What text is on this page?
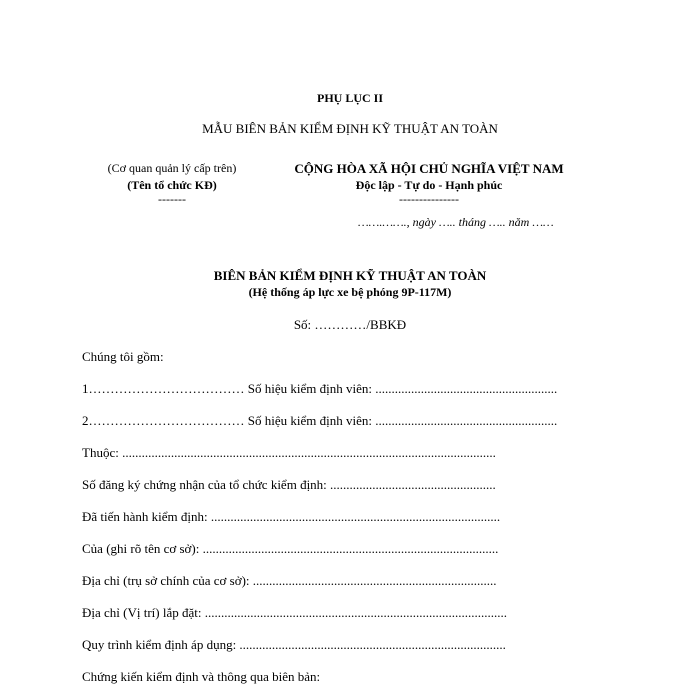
PHỤ LỤC II
MẪU BIÊN BẢN KIỂM ĐỊNH KỸ THUẬT AN TOÀN
(Cơ quan quản lý cấp trên)
(Tên tổ chức KĐ)
-------
CỘNG HÒA XÃ HỘI CHỦ NGHĨA VIỆT NAM
Độc lập - Tự do - Hạnh phúc
---------------
…….……., ngày ….. tháng ….. năm ……
BIÊN BẢN KIỂM ĐỊNH KỸ THUẬT AN TOÀN
(Hệ thống áp lực xe bệ phóng 9P-117M)
Số: …………/BBKĐ
Chúng tôi gồm:
1……………………………… Số hiệu kiểm định viên: ........................................................
2……………………………… Số hiệu kiểm định viên: ........................................................
Thuộc: ...................................................................................................................
Số đăng ký chứng nhận của tổ chức kiểm định: ...................................................
Đã tiến hành kiểm định: .........................................................................................
Của (ghi rõ tên cơ sở): ...........................................................................................
Địa chỉ (trụ sở chính của cơ sở): ...........................................................................
Địa chỉ (Vị trí) lắp đặt: .............................................................................................
Quy trình kiểm định áp dụng: ..................................................................................
Chứng kiến kiểm định và thông qua biên bản:
